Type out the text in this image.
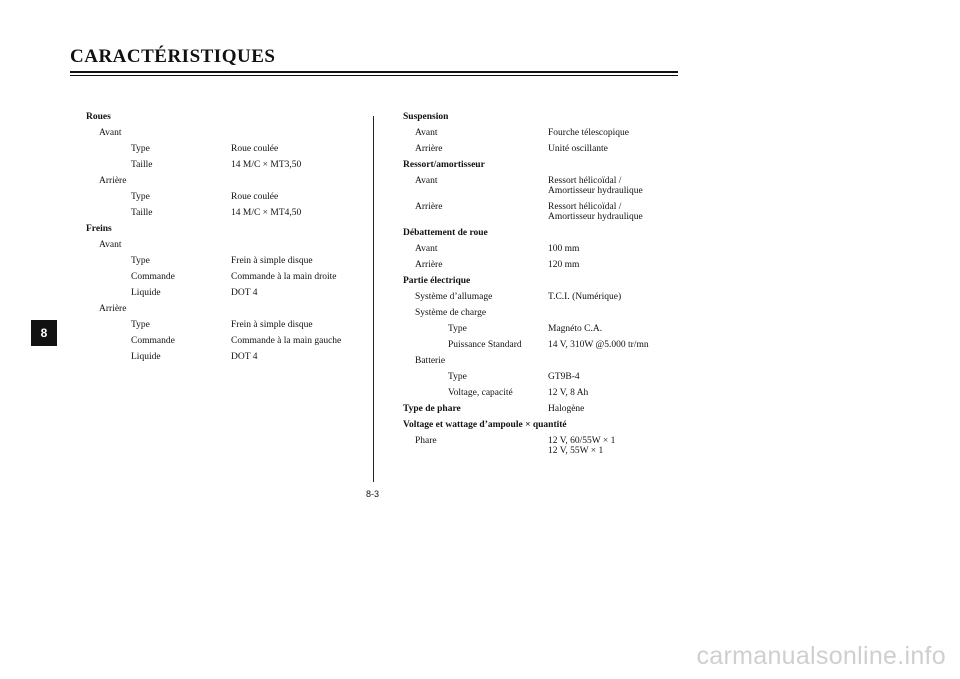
CARACTÉRISTIQUES
8
Roues
Avant
Type	Roue coulée
Taille	14 M/C × MT3,50
Arrière
Type	Roue coulée
Taille	14 M/C × MT4,50
Freins
Avant
Type	Frein à simple disque
Commande	Commande à la main droite
Liquide	DOT 4
Arrière
Type	Frein à simple disque
Commande	Commande à la main gauche
Liquide	DOT 4
Suspension
Avant	Fourche télescopique
Arrière	Unité oscillante
Ressort/amortisseur
Avant	Ressort hélicoïdal /
Amortisseur hydraulique
Arrière	Ressort hélicoïdal /
Amortisseur hydraulique
Débattement de roue
Avant	100 mm
Arrière	120 mm
Partie électrique
Système d’allumage	T.C.I. (Numérique)
Système de charge
Type	Magnéto C.A.
Puissance Standard	14 V, 310W @5.000 tr/mn
Batterie
Type	GT9B-4
Voltage, capacité	12 V, 8 Ah
Type de phare	Halogène
Voltage et wattage d’ampoule × quantité
Phare	12 V, 60/55W × 1
12 V, 55W × 1
8-3
carmanualsonline.info
